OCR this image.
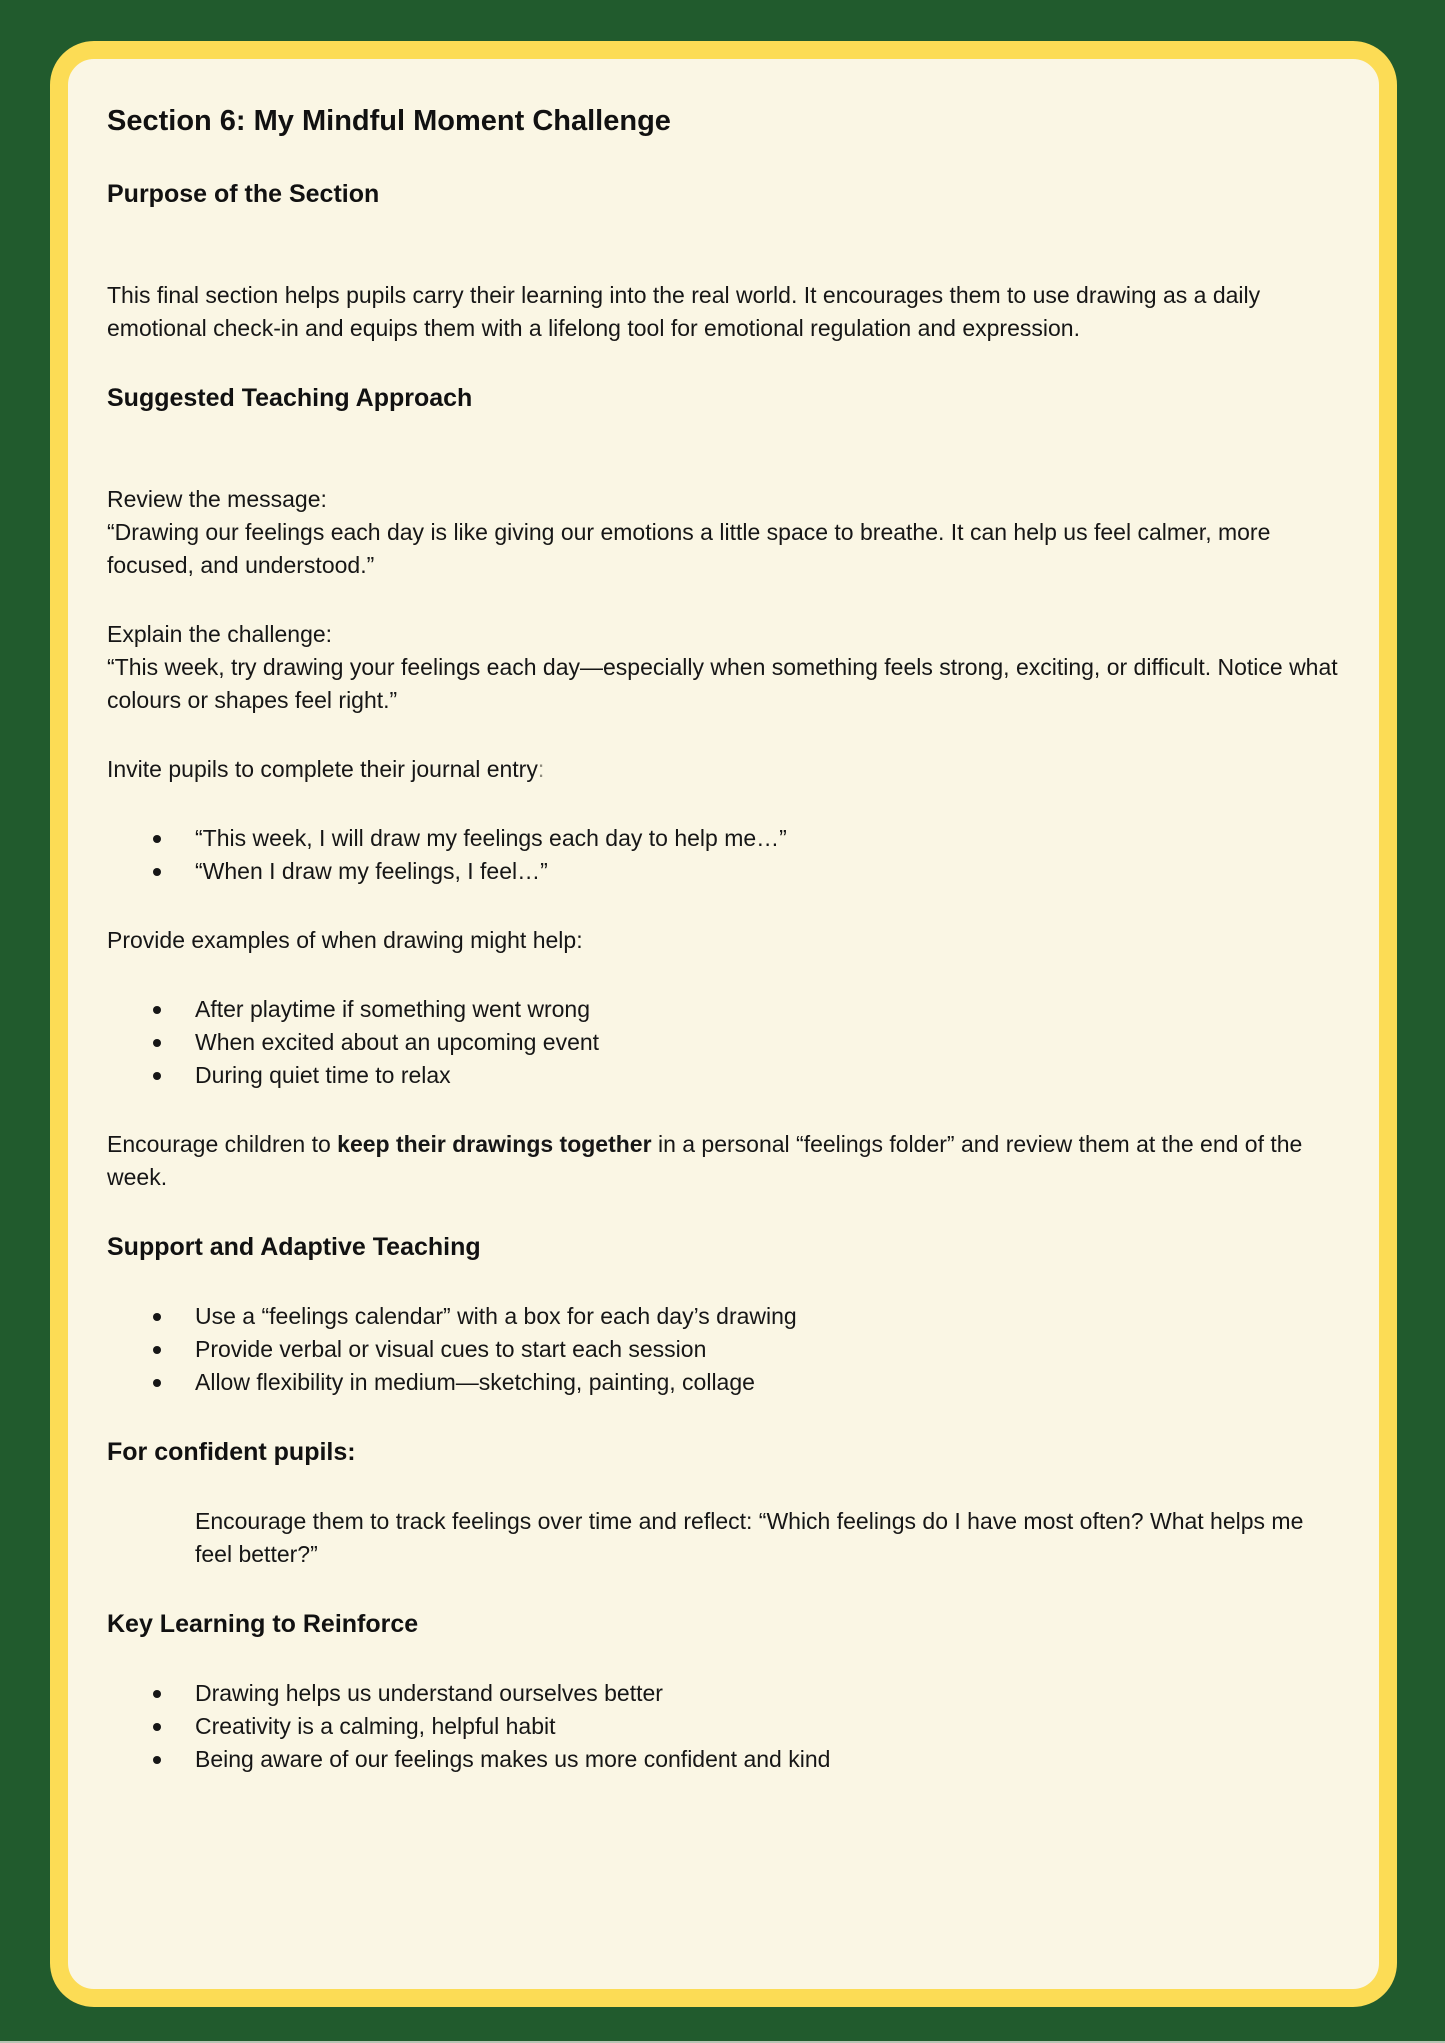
Section 6: My Mindful Moment Challenge
Purpose of the Section

This final section helps pupils carry their learning into the real world. It encourages them to use drawing as a daily emotional check-in and equips them with a lifelong tool for emotional regulation and expression.

Suggested Teaching Approach

Review the message:
“Drawing our feelings each day is like giving our emotions a little space to breathe. It can help us feel calmer, more focused, and understood.”

Explain the challenge:
“This week, try drawing your feelings each day—especially when something feels strong, exciting, or difficult. Notice what colours or shapes feel right.”

Invite pupils to complete their journal entry:

“This week, I will draw my feelings each day to help me…”
“When I draw my feelings, I feel…”

Provide examples of when drawing might help:

After playtime if something went wrong
When excited about an upcoming event
During quiet time to relax

Encourage children to keep their drawings together in a personal “feelings folder” and review them at the end of the week.

Support and Adaptive Teaching
Use a “feelings calendar” with a box for each day’s drawing
Provide verbal or visual cues to start each session
Allow flexibility in medium—sketching, painting, collage
For confident pupils:

Encourage them to track feelings over time and reflect: “Which feelings do I have most often? What helps me feel better?”

Key Learning to Reinforce
Drawing helps us understand ourselves better
Creativity is a calming, helpful habit
Being aware of our feelings makes us more confident and kind
